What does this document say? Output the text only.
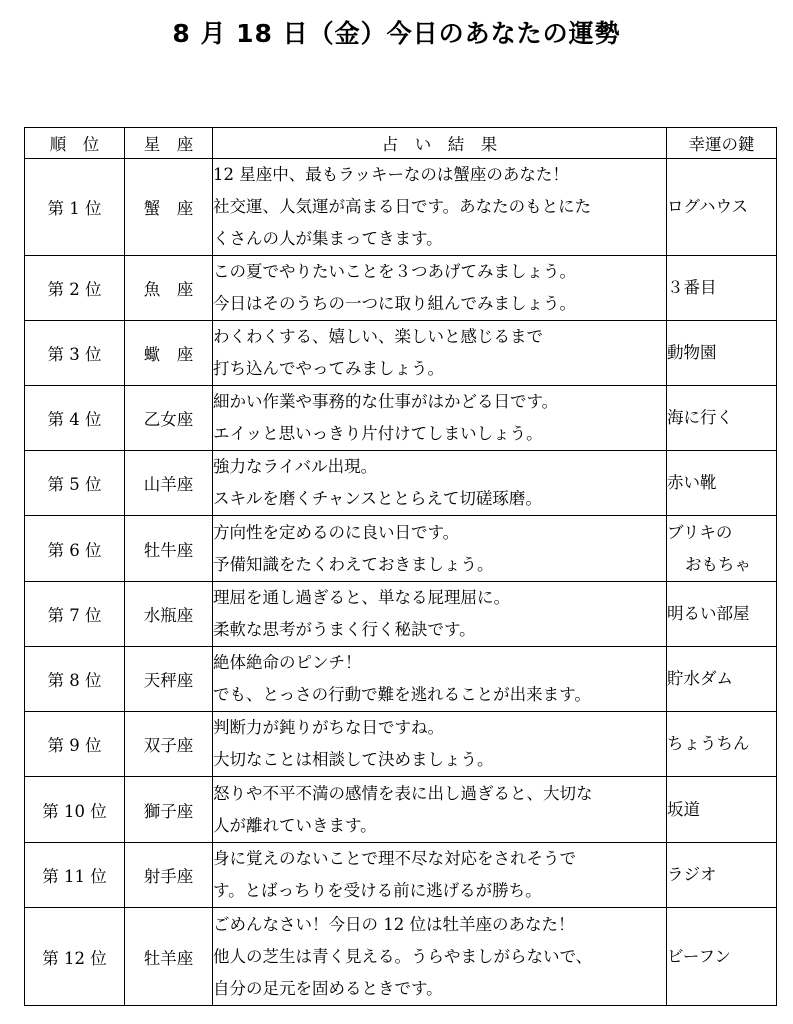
8 月 18 日（金）今日のあなたの運勢
順　位	星　座	占　い　結　果	幸運の鍵
第 1 位	蟹　座	12 星座中、最もラッキーなのは蟹座のあなた！
社交運、人気運が高まる日です。あなたのもとにた
くさんの人が集まってきます。	ログハウス

第 2 位	魚　座	この夏でやりたいことを３つあげてみましょう。
今日はそのうちの一つに取り組んでみましょう。	３番目

第 3 位	蠍　座	わくわくする、嬉しい、楽しいと感じるまで
打ち込んでやってみましょう。	動物園

第 4 位	乙女座	細かい作業や事務的な仕事がはかどる日です。
エイッと思いっきり片付けてしまいしょう。	海に行く

第 5 位	山羊座	強力なライバル出現。
スキルを磨くチャンスととらえて切磋琢磨。	赤い靴

第 6 位	牡牛座	方向性を定めるのに良い日です。
予備知識をたくわえておきましょう。	ブリキの
おもちゃ

第 7 位	水瓶座	理屈を通し過ぎると、単なる屁理屈に。
柔軟な思考がうまく行く秘訣です。	明るい部屋

第 8 位	天秤座	絶体絶命のピンチ！
でも、とっさの行動で難を逃れることが出来ます。	貯水ダム

第 9 位	双子座	判断力が鈍りがちな日ですね。
大切なことは相談して決めましょう。	ちょうちん

第 10 位	獅子座	怒りや不平不満の感情を表に出し過ぎると、大切な
人が離れていきます。	坂道

第 11 位	射手座	身に覚えのないことで理不尽な対応をされそうで
す。とばっちりを受ける前に逃げるが勝ち。	ラジオ

第 12 位	牡羊座	ごめんなさい！今日の 12 位は牡羊座のあなた！
他人の芝生は青く見える。うらやましがらないで、
自分の足元を固めるときです。	ビーフン
